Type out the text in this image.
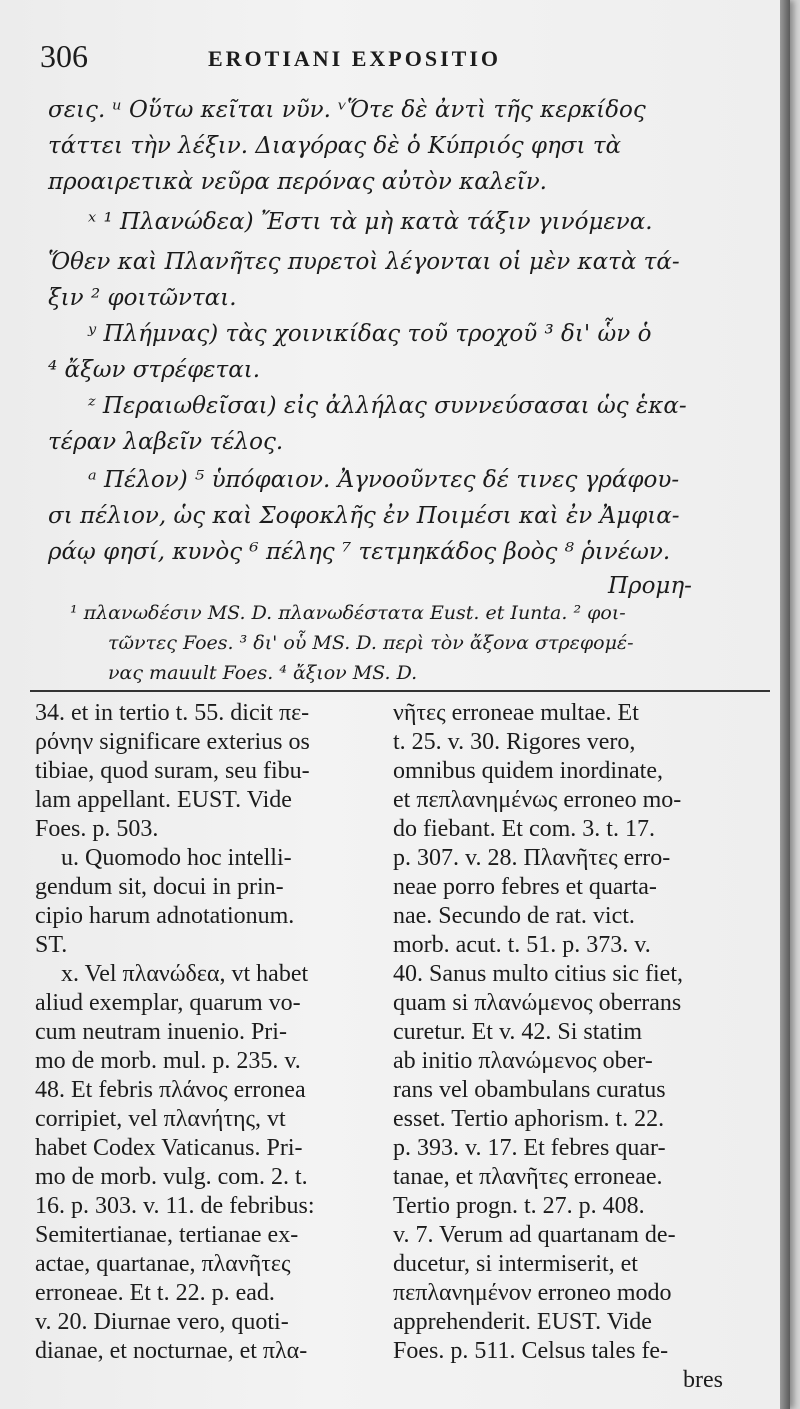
306	EROTIANI EXPOSITIO
σεις. ᵘ Οὕτω κεῖται νῦν. ᵛὍτε δὲ ἀντὶ τῆς κερκίδος
τάττει τὴν λέξιν. Διαγόρας δὲ ὁ Κύπριός φησι τὰ
προαιρετικὰ νεῦρα περόνας αὐτὸν καλεῖν.
ˣ ¹ Πλανώδεα) Ἔστι τὰ μὴ κατὰ τάξιν γινόμενα.
Ὅθεν καὶ Πλανῆτες πυρετοὶ λέγονται οἱ μὲν κατὰ τά-
ξιν ² φοιτῶνται.
ʸ Πλήμνας) τὰς χοινικίδας τοῦ τροχοῦ ³ δι' ὧν ὁ
⁴ ἄξων στρέφεται.
ᶻ Περαιωθεῖσαι) εἰς ἀλλήλας συννεύσασαι ὡς ἑκα-
τέραν λαβεῖν τέλος.
ᵃ Πέλον) ⁵ ὑπόφαιον. Ἀγνοοῦντες δέ τινες γράφου-
σι πέλιον, ὡς καὶ Σοφοκλῆς ἐν Ποιμέσι καὶ ἐν Ἀμφια-
ράῳ φησί, κυνὸς ⁶ πέλης ⁷ τετμηκάδος βοὸς ⁸ ῥινέων.
Προμη-
¹ πλανωδέσιν MS. D. πλανωδέστατα Eust. et Iunta. ² φοι-
τῶντες Foes. ³ δι' οὗ MS. D. περὶ τὸν ἄξονα στρεφομέ-
νας mauult Foes. ⁴ ἄξιον MS. D.
34. et in tertio t. 55. dicit πε-
ρόνην significare exterius os
tibiae, quod suram, seu fibu-
lam appellant. EUST. Vide
Foes. p. 503.
u. Quomodo hoc intelli-
gendum sit, docui in prin-
cipio harum adnotationum.
ST.
x. Vel πλανώδεα, vt habet
aliud exemplar, quarum vo-
cum neutram inuenio. Pri-
mo de morb. mul. p. 235. v.
48. Et febris πλάνος erronea
corripiet, vel πλανήτης, vt
habet Codex Vaticanus. Pri-
mo de morb. vulg. com. 2. t.
16. p. 303. v. 11. de febribus:
Semitertianae, tertianae ex-
actae, quartanae, πλανῆτες
erroneae. Et t. 22. p. ead.
v. 20. Diurnae vero, quoti-
dianae, et nocturnae, et πλα-
νῆτες erroneae multae. Et
t. 25. v. 30. Rigores vero,
omnibus quidem inordinate,
et πεπλανημένως erroneo mo-
do fiebant. Et com. 3. t. 17.
p. 307. v. 28. Πλανῆτες erro-
neae porro febres et quarta-
nae. Secundo de rat. vict.
morb. acut. t. 51. p. 373. v.
40. Sanus multo citius sic fiet,
quam si πλανώμενος oberrans
curetur. Et v. 42. Si statim
ab initio πλανώμενος ober-
rans vel obambulans curatus
esset. Tertio aphorism. t. 22.
p. 393. v. 17. Et febres quar-
tanae, et πλανῆτες erroneae.
Tertio progn. t. 27. p. 408.
v. 7. Verum ad quartanam de-
ducetur, si intermiserit, et
πεπλανημένον erroneo modo
apprehenderit. EUST. Vide
Foes. p. 511. Celsus tales fe-
bres
